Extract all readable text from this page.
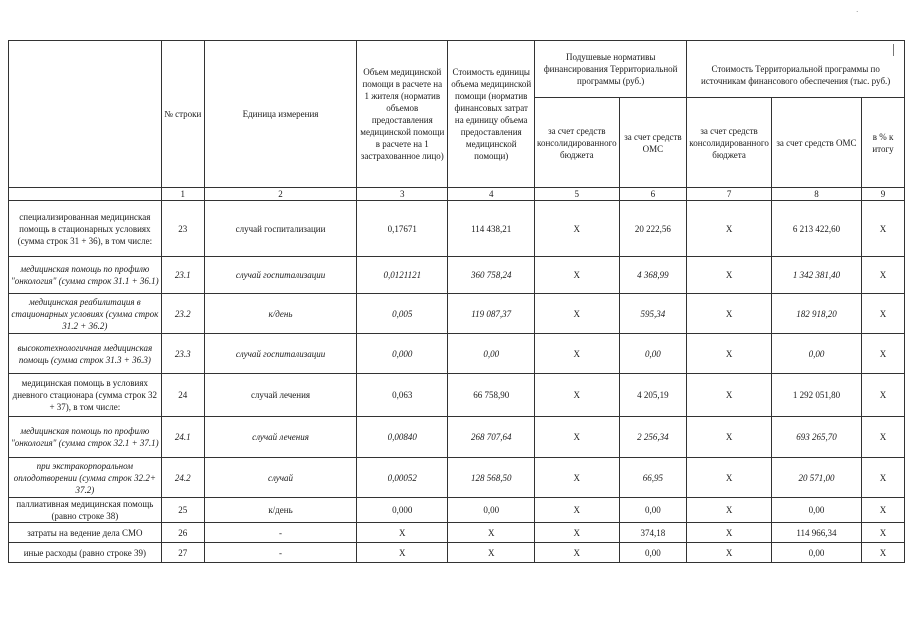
·
	№ строки	Единица измерения	Объем медицинской помощи в расчете на 1 жителя (норматив объемов предоставления медицинской помощи в расчете на 1 застрахованное лицо)	Стоимость единицы объема медицинской помощи (норматив финансовых затрат на единицу объема предоставления медицинской помощи)	Подушевые нормативы финансирования Территориальной программы (руб.)		Стоимость Территориальной программы по источникам финансового обеспечения (тыс. руб.)		
					за счет средств консолидированного бюджета	за счет средств ОМС	за счет средств консолидированного бюджета	за счет средств ОМС	в % к итогу
	1	2	3	4	5	6	7	8	9
специализированная медицинская помощь в стационарных условиях (сумма строк 31 + 36), в том числе:	23	случай госпитализации	0,17671	114 438,21	Х	20 222,56	Х	6 213 422,60	Х
медицинская помощь по профилю "онкология" (сумма строк 31.1 + 36.1)	23.1	случай госпитализации	0,0121121	360 758,24	Х	4 368,99	Х	1 342 381,40	Х
медицинская реабилитация в стационарных условиях (сумма строк 31.2 + 36.2)	23.2	к/день	0,005	119 087,37	Х	595,34	Х	182 918,20	Х
высокотехнологичная медицинская помощь (сумма строк 31.3 + 36.3)	23.3	случай госпитализации	0,000	0,00	Х	0,00	Х	0,00	Х
медицинская помощь в условиях дневного стационара (сумма строк 32 + 37), в том числе:	24	случай лечения	0,063	66 758,90	Х	4 205,19	Х	1 292 051,80	Х
медицинская помощь по профилю "онкология" (сумма строк 32.1 + 37.1)	24.1	случай лечения	0,00840	268 707,64	Х	2 256,34	Х	693 265,70	Х
при экстракорпоральном оплодотворении (сумма строк 32.2+ 37.2)	24.2	случай	0,00052	128 568,50	Х	66,95	Х	20 571,00	Х
паллиативная медицинская помощь (равно строке 38)	25	к/день	0,000	0,00	Х	0,00	Х	0,00	Х
затраты на ведение дела СМО	26	-	Х	Х	Х	374,18	Х	114 966,34	Х
иные расходы (равно строке 39)	27	-	Х	Х	Х	0,00	Х	0,00	Х
